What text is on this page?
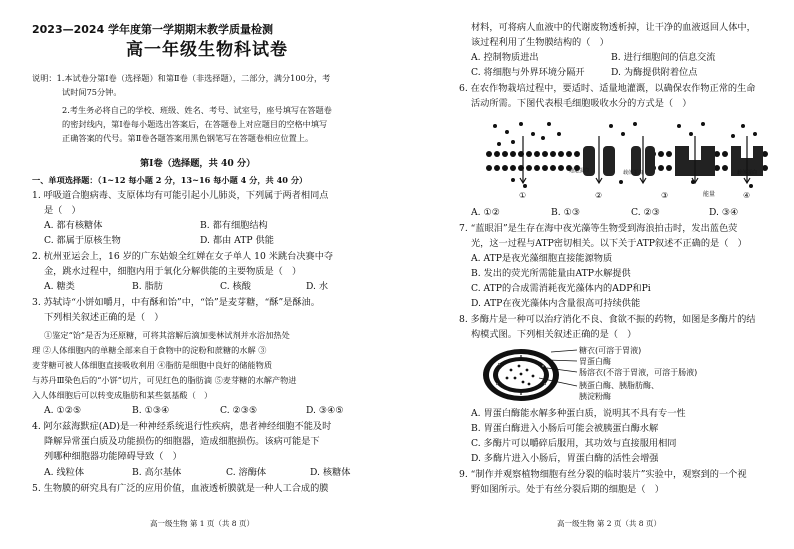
2023—2024 学年度第一学期期末教学质量检测
高一年级生物科试卷
说明：1.本试卷分第Ⅰ卷（选择题）和第Ⅱ卷（非选择题），二部分，满分100分，考
试时间75分钟。
2.考生务必将自己的学校、班级、姓名、考号、试室号，座号填写在答题卷
的密封线内，第Ⅰ卷每小题选出答案后，在答题卷上对应题目的空格中填写
正确答案的代号。第Ⅱ卷各题答案用黑色钢笔写在答题卷相应位置上。
第Ⅰ卷（选择题，共 40 分）
一、单项选择题：（1~12 每小题 2 分，13~16 每小题 4 分，共 40 分）
1. 呼吸道合胞病毒、支原体均有可能引起小儿肺炎，下列属于两者相同点
是（　）
A. 都有核糖体	B. 都有细胞结构
C. 都属于原核生物	D. 都由 ATP 供能
2. 杭州亚运会上，16 岁的广东姑娘全红婵在女子单人 10 米跳台决赛中夺
金，跳水过程中，细胞内用于氧化分解供能的主要物质是（　）
A. 糖类	B. 脂肪	C. 核酸	D. 水
3. 苏轼诗“小饼如嚼月，中有酥和饴”中，“饴”是麦芽糖，“酥”是酥油。
下列相关叙述正确的是（　）
①鉴定“饴”是否为还原糖，可将其溶解后滴加斐林试剂并水浴加热处
理 ②人体细胞内的单糖全部来自于食物中的淀粉和蔗糖的水解 ③
麦芽糖可被人体细胞直接吸收利用 ④脂肪是细胞中良好的储能物质
与苏丹Ⅲ染色后的“小饼”切片，可见红色的脂肪滴 ⑤麦芽糖的水解产物进
入人体细胞后可以转变成脂肪和某些氨基酸（　）
A. ①②⑤	B. ①③④	C. ②③⑤	D. ③④⑤
4. 阿尔兹海默症(AD)是一种神经系统退行性疾病，患者神经细胞不能及时
降解异常蛋白质及功能损伤的细胞器，造成细胞损伤。该病可能是下
列哪种细胞器功能障碍导致（　）
A. 线粒体	B. 高尔基体	C. 溶酶体	D. 核糖体
5. 生物膜的研究具有广泛的应用价值，血液透析膜就是一种人工合成的膜
高一级生物 第 1 页（共 8 页）
材料，可将病人血液中的代谢废物透析掉，让干净的血液返回人体中，
该过程利用了生物膜结构的（　）
A. 控制物质进出	B. 进行细胞间的信息交流
C. 将细胞与外界环境分隔开	D. 为酶提供附着位点
6. 在农作物栽培过程中，要适时、适量地灌溉，以确保农作物正常的生命
活动所需。下图代表根毛细胞吸收水分的方式是（　）
通道蛋白	载体蛋白	载体蛋白
能量
①	②	③	④
A. ①②	B. ①③	C. ②③	D. ③④
7. “蓝眼泪”是生存在海中夜光藻等生物受到海浪拍击时，发出蓝色荧
光，这一过程与ATP密切相关。以下关于ATP叙述不正确的是（　）
A. ATP是夜光藻细胞直接能源物质
B. 发出的荧光所需能量由ATP水解提供
C. ATP的合成需消耗夜光藻体内的ADP和Pi
D. ATP在夜光藻体内含量很高可持续供能
8. 多酶片是一种可以治疗消化不良、食欲不振的药物，如图是多酶片的结
构模式图。下列相关叙述正确的是（　）
糖衣(可溶于胃液)
胃蛋白酶
肠溶衣(不溶于胃液，可溶于肠液)
胰蛋白酶、胰脂肪酶、
胰淀粉酶
A. 胃蛋白酶能水解多种蛋白质，说明其不具有专一性
B. 胃蛋白酶进入小肠后可能会被胰蛋白酶水解
C. 多酶片可以嚼碎后服用，其功效与直接服用相同
D. 多酶片进入小肠后，胃蛋白酶的活性会增强
9. “制作并观察植物细胞有丝分裂的临时装片”实验中，观察到的一个视
野如图所示。处于有丝分裂后期的细胞是（　）
高一级生物 第 2 页（共 8 页）
